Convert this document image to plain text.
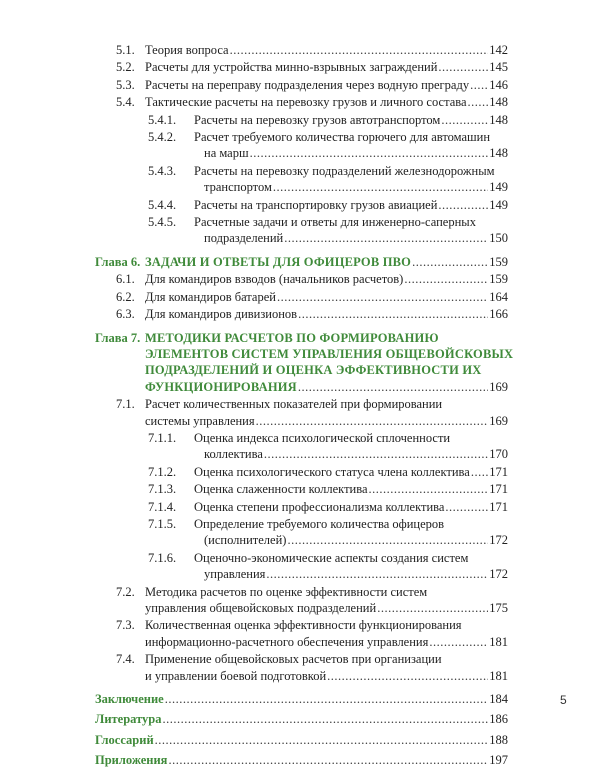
5.1. Теория вопроса .....	142
5.2. Расчеты для устройства минно-взрывных заграждений .....	145
5.3. Расчеты на переправу подразделения через водную преграду ..... 146
5.4. Тактические расчеты на перевозку грузов и личного состава ..... 148
5.4.1. Расчеты на перевозку грузов автотранспортом .....	148
5.4.2. Расчет требуемого количества горючего для автомашин
на марш .....	148
5.4.3. Расчеты на перевозку подразделений железнодорожным
транспортом .....	149
5.4.4. Расчеты на транспортировку грузов авиацией .....	149
5.4.5. Расчетные задачи и ответы для инженерно-саперных
подразделений .....	150
Глава 6. ЗАДАЧИ И ОТВЕТЫ ДЛЯ ОФИЦЕРОВ ПВО .....	159
6.1. Для командиров взводов (начальников расчетов) .....	159
6.2. Для командиров батарей .....	164
6.3. Для командиров дивизионов .....	166
Глава 7. МЕТОДИКИ РАСЧЕТОВ ПО ФОРМИРОВАНИЮ
ЭЛЕМЕНТОВ СИСТЕМ УПРАВЛЕНИЯ ОБЩЕВОЙСКОВЫХ
ПОДРАЗДЕЛЕНИЙ И ОЦЕНКА ЭФФЕКТИВНОСТИ ИХ
ФУНКЦИОНИРОВАНИЯ .....	169
7.1. Расчет количественных показателей при формировании
системы управления .....	169
7.1.1. Оценка индекса психологической сплоченности
коллектива .....	170
7.1.2. Оценка психологического статуса члена коллектива ..... 171
7.1.3. Оценка слаженности коллектива .....	171
7.1.4. Оценка степени профессионализма коллектива .....	171
7.1.5. Определение требуемого количества офицеров
(исполнителей) .....	172
7.1.6. Оценочно-экономические аспекты создания систем
управления .....	172
7.2. Методика расчетов по оценке эффективности систем
управления общевойсковых подразделений .....	175
7.3. Количественная оценка эффективности функционирования
информационно-расчетного обеспечения управления .....	181
7.4. Применение общевойсковых расчетов при организации
и управлении боевой подготовкой .....	181
Заключение .....	184
Литература .....	186
Глоссарий .....	188
Приложения .....	197
5
